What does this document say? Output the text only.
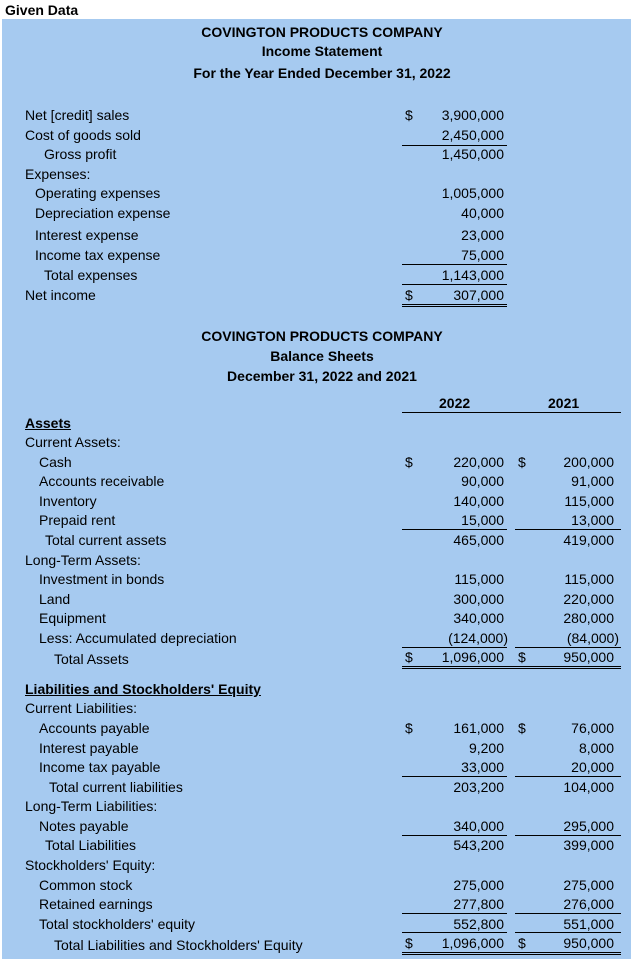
Given Data
COVINGTON PRODUCTS COMPANY
Income Statement
For the Year Ended December 31, 2022
Net [credit] sales	$ 3,900,000
Cost of goods sold	2,450,000
Gross profit	1,450,000
Expenses:
Operating expenses	1,005,000
Depreciation expense	40,000
Interest expense	23,000
Income tax expense	75,000
Total expenses	1,143,000
Net income	$	307,000
COVINGTON PRODUCTS COMPANY
Balance Sheets
December 31, 2022 and 2021
2022	2021
Assets
Current Assets:
Cash	$	220,000 $	200,000
Accounts receivable	90,000	91,000
Inventory	140,000	115,000
Prepaid rent	15,000	13,000
Total current assets	465,000	419,000
Long-Term Assets:
Investment in bonds	115,000	115,000
Land	300,000	220,000
Equipment	340,000	280,000
Less: Accumulated depreciation	(124,000)	(84,000)
Total Assets	$ 1,096,000 $	950,000
Liabilities and Stockholders' Equity
Current Liabilities:
Accounts payable	$	161,000 $	76,000
Interest payable	9,200	8,000
Income tax payable	33,000	20,000
Total current liabilities	203,200	104,000
Long-Term Liabilities:
Notes payable	340,000	295,000
Total Liabilities	543,200	399,000
Stockholders' Equity:
Common stock	275,000	275,000
Retained earnings	277,800	276,000
Total stockholders' equity	552,800	551,000
Total Liabilities and Stockholders' Equity	$ 1,096,000 $	950,000
